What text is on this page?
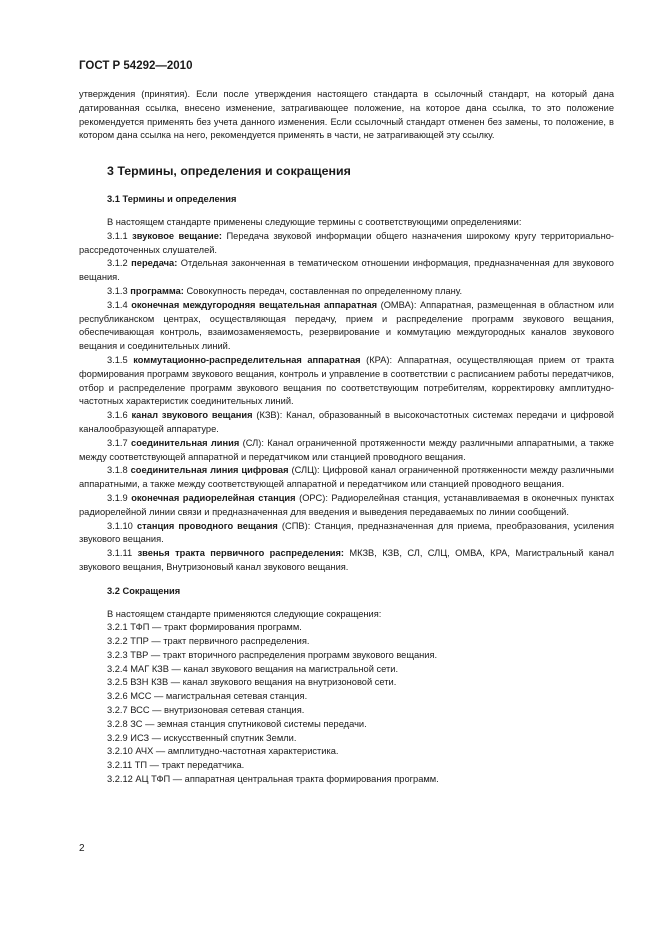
ГОСТ Р 54292—2010

утверждения (принятия). Если после утверждения настоящего стандарта в ссылочный стандарт, на который дана датированная ссылка, внесено изменение, затрагивающее положение, на которое дана ссылка, то это положение рекомендуется применять без учета данного изменения. Если ссылочный стандарт отменен без замены, то положение, в котором дана ссылка на него, рекомендуется применять в части, не затрагивающей эту ссылку.

3 Термины, определения и сокращения
3.1 Термины и определения

В настоящем стандарте применены следующие термины с соответствующими определениями:

3.1.1 звуковое вещание: Передача звуковой информации общего назначения широкому кругу территориально-рассредоточенных слушателей.

3.1.2 передача: Отдельная законченная в тематическом отношении информация, предназначенная для звукового вещания.

3.1.3 программа: Совокупность передач, составленная по определенному плану.

3.1.4 оконечная междугородняя вещательная аппаратная (ОМВА): Аппаратная, размещенная в областном или республиканском центрах, осуществляющая передачу, прием и распределение программ звукового вещания, обеспечивающая контроль, взаимозаменяемость, резервирование и коммутацию междугородных каналов звукового вещания и соединительных линий.

3.1.5 коммутационно-распределительная аппаратная (КРА): Аппаратная, осуществляющая прием от тракта формирования программ звукового вещания, контроль и управление в соответствии с расписанием работы передатчиков, отбор и распределение программ звукового вещания по соответствующим потребителям, корректировку амплитудно-частотных характеристик соединительных линий.

3.1.6 канал звукового вещания (КЗВ): Канал, образованный в высокочастотных системах передачи и цифровой каналообразующей аппаратуре.

3.1.7 соединительная линия (СЛ): Канал ограниченной протяженности между различными аппаратными, а также между соответствующей аппаратной и передатчиком или станцией проводного вещания.

3.1.8 соединительная линия цифровая (СЛЦ): Цифровой канал ограниченной протяженности между различными аппаратными, а также между соответствующей аппаратной и передатчиком или станцией проводного вещания.

3.1.9 оконечная радиорелейная станция (ОРС): Радиорелейная станция, устанавливаемая в оконечных пунктах радиорелейной линии связи и предназначенная для введения и выведения передаваемых по линии сообщений.

3.1.10 станция проводного вещания (СПВ): Станция, предназначенная для приема, преобразования, усиления звукового вещания.

3.1.11 звенья тракта первичного распределения: МКЗВ, КЗВ, СЛ, СЛЦ, ОМВА, КРА, Магистральный канал звукового вещания, Внутризоновый канал звукового вещания.

3.2 Сокращения

В настоящем стандарте применяются следующие сокращения:

3.2.1 ТФП — тракт формирования программ.

3.2.2 ТПР — тракт первичного распределения.

3.2.3 ТВР — тракт вторичного распределения программ звукового вещания.

3.2.4 МАГ КЗВ — канал звукового вещания на магистральной сети.

3.2.5 ВЗН КЗВ — канал звукового вещания на внутризоновой сети.

3.2.6 МСС — магистральная сетевая станция.

3.2.7 ВСС — внутризоновая сетевая станция.

3.2.8 ЗС — земная станция спутниковой системы передачи.

3.2.9 ИСЗ — искусственный спутник Земли.

3.2.10 АЧХ — амплитудно-частотная характеристика.

3.2.11 ТП — тракт передатчика.

3.2.12 АЦ ТФП — аппаратная центральная тракта формирования программ.

2
